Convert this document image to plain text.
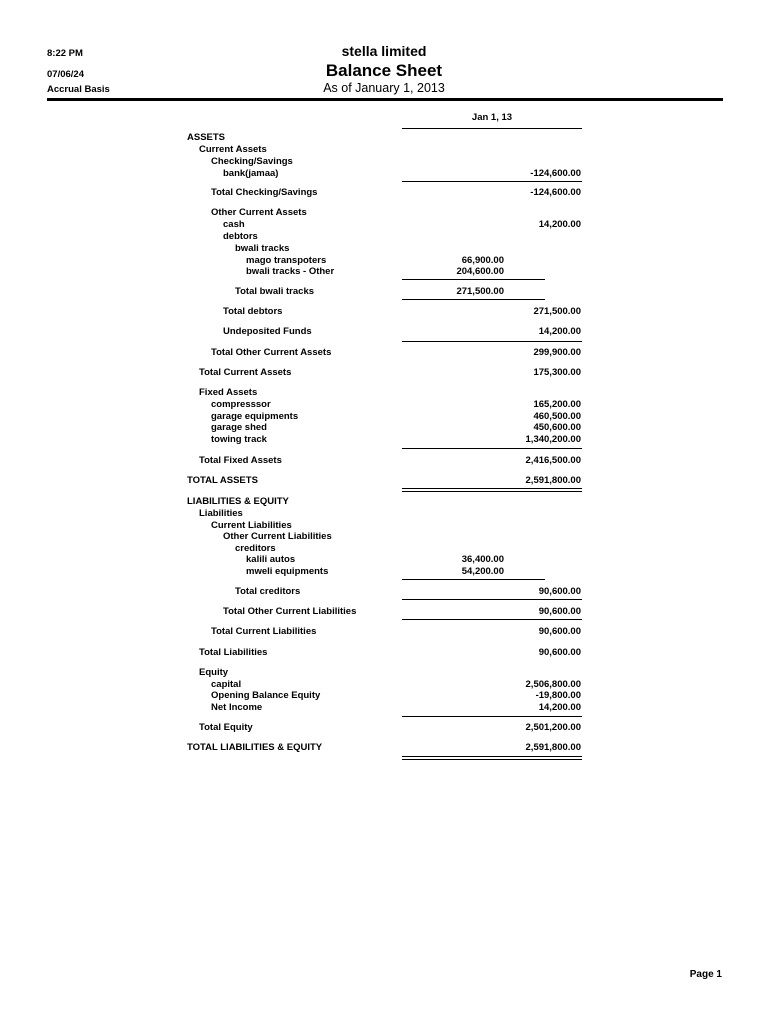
8:22 PM
07/06/24
Accrual Basis
stella limited
Balance Sheet
As of January 1, 2013
Jan 1, 13
ASSETS
Current Assets
Checking/Savings
bank(jamaa)	-124,600.00
Total Checking/Savings	-124,600.00
Other Current Assets
cash	14,200.00
debtors
bwali tracks
mago transpoters	66,900.00
bwali tracks - Other	204,600.00
Total bwali tracks	271,500.00
Total debtors	271,500.00
Undeposited Funds	14,200.00
Total Other Current Assets	299,900.00
Total Current Assets	175,300.00
Fixed Assets
compresssor	165,200.00
garage equipments	460,500.00
garage shed	450,600.00
towing track	1,340,200.00
Total Fixed Assets	2,416,500.00
TOTAL ASSETS	2,591,800.00
LIABILITIES & EQUITY
Liabilities
Current Liabilities
Other Current Liabilities
creditors
kalili autos	36,400.00
mweli equipments	54,200.00
Total creditors	90,600.00
Total Other Current Liabilities	90,600.00
Total Current Liabilities	90,600.00
Total Liabilities	90,600.00
Equity
capital	2,506,800.00
Opening Balance Equity	-19,800.00
Net Income	14,200.00
Total Equity	2,501,200.00
TOTAL LIABILITIES & EQUITY	2,591,800.00
Page 1
